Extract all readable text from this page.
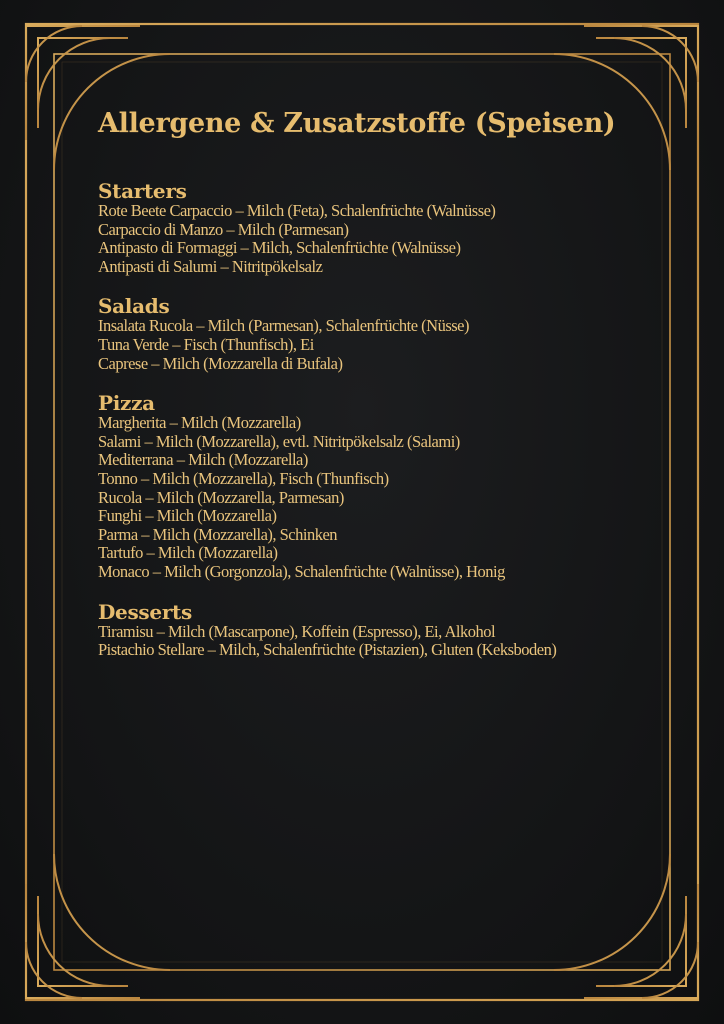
Allergene & Zusatzstoffe (Speisen)
Starters
Rote Beete Carpaccio – Milch (Feta), Schalenfrüchte (Walnüsse)
Carpaccio di Manzo – Milch (Parmesan)
Antipasto di Formaggi – Milch, Schalenfrüchte (Walnüsse)
Antipasti di Salumi – Nitritpökelsalz
Salads
Insalata Rucola – Milch (Parmesan), Schalenfrüchte (Nüsse)
Tuna Verde – Fisch (Thunfisch), Ei
Caprese – Milch (Mozzarella di Bufala)
Pizza
Margherita – Milch (Mozzarella)
Salami – Milch (Mozzarella), evtl. Nitritpökelsalz (Salami)
Mediterrana – Milch (Mozzarella)
Tonno – Milch (Mozzarella), Fisch (Thunfisch)
Rucola – Milch (Mozzarella, Parmesan)
Funghi – Milch (Mozzarella)
Parma – Milch (Mozzarella), Schinken
Tartufo – Milch (Mozzarella)
Monaco – Milch (Gorgonzola), Schalenfrüchte (Walnüsse), Honig
Desserts
Tiramisu – Milch (Mascarpone), Koffein (Espresso), Ei, Alkohol
Pistachio Stellare – Milch, Schalenfrüchte (Pistazien), Gluten (Keksboden)
